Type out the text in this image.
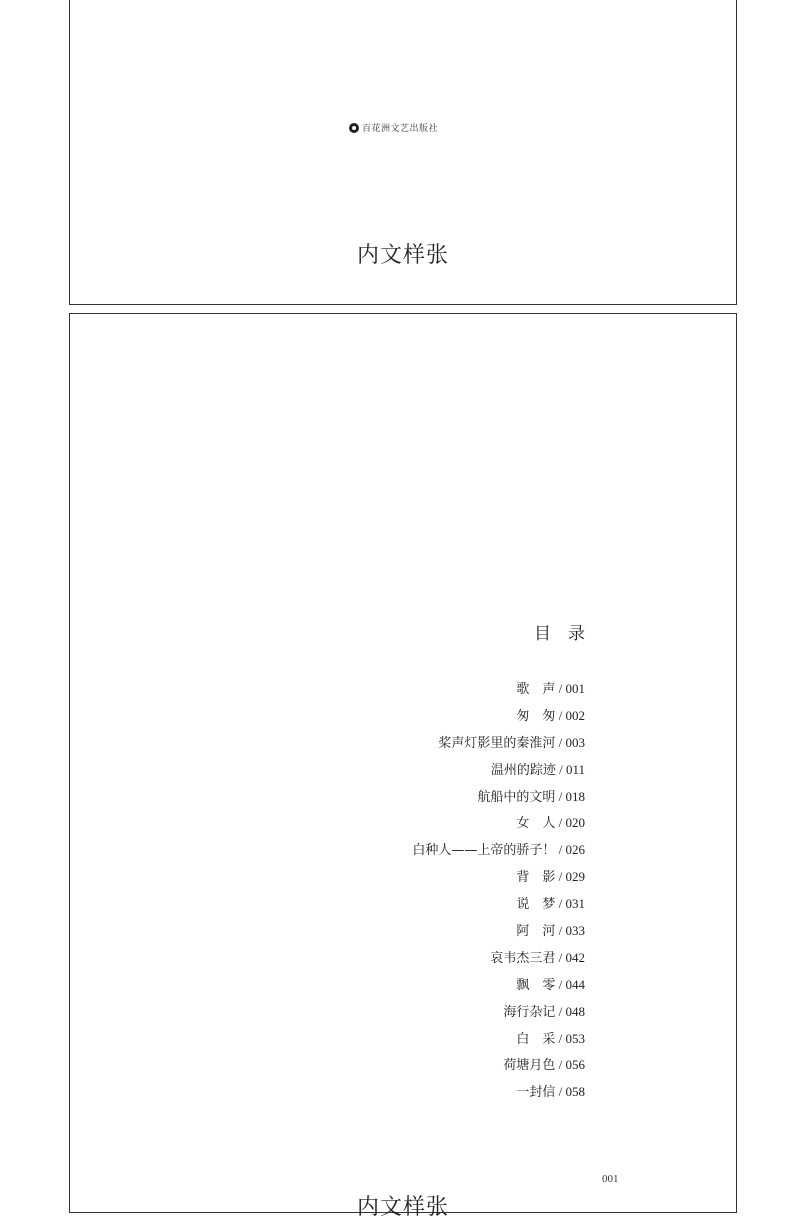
百花洲文艺出版社
内文样张
目　录
歌　声 / 001
匆　匆 / 002
桨声灯影里的秦淮河 / 003
温州的踪迹 / 011
航船中的文明 / 018
女　人 / 020
白种人——上帝的骄子！ / 026
背　影 / 029
说　梦 / 031
阿　河 / 033
哀韦杰三君 / 042
飘　零 / 044
海行杂记 / 048
白　采 / 053
荷塘月色 / 056
一封信 / 058
001
内文样张
